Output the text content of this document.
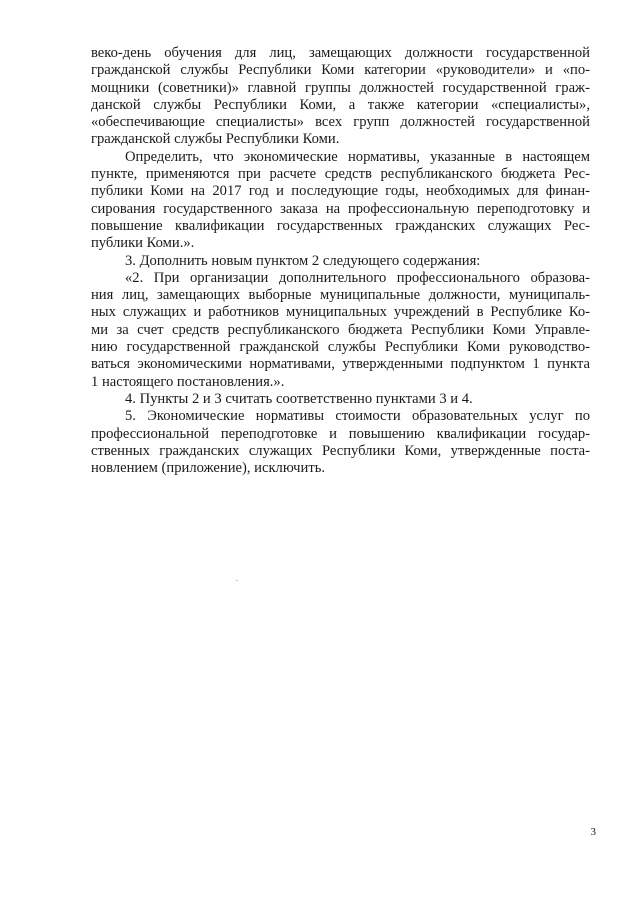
веко-день обучения для лиц, замещающих должности государственной
гражданской службы Республики Коми категории «руководители» и «по-
мощники (советники)» главной группы должностей государственной граж-
данской службы Республики Коми, а также категории «специалисты»,
«обеспечивающие специалисты» всех групп должностей государственной
гражданской службы Республики Коми.
Определить, что экономические нормативы, указанные в настоящем
пункте, применяются при расчете средств республиканского бюджета Рес-
публики Коми на 2017 год и последующие годы, необходимых для финан-
сирования государственного заказа на профессиональную переподготовку и
повышение квалификации государственных гражданских служащих Рес-
публики Коми.».
3. Дополнить новым пунктом 2 следующего содержания:
«2. При организации дополнительного профессионального образова-
ния лиц, замещающих выборные муниципальные должности, муниципаль-
ных служащих и работников муниципальных учреждений в Республике Ко-
ми за счет средств республиканского бюджета Республики Коми Управле-
нию государственной гражданской службы Республики Коми руководство-
ваться экономическими нормативами, утвержденными подпунктом 1 пункта
1 настоящего постановления.».
4. Пункты 2 и 3 считать соответственно пунктами 3 и 4.
5. Экономические нормативы стоимости образовательных услуг по
профессиональной переподготовке и повышению квалификации государ-
ственных гражданских служащих Республики Коми, утвержденные поста-
новлением (приложение), исключить.
3
